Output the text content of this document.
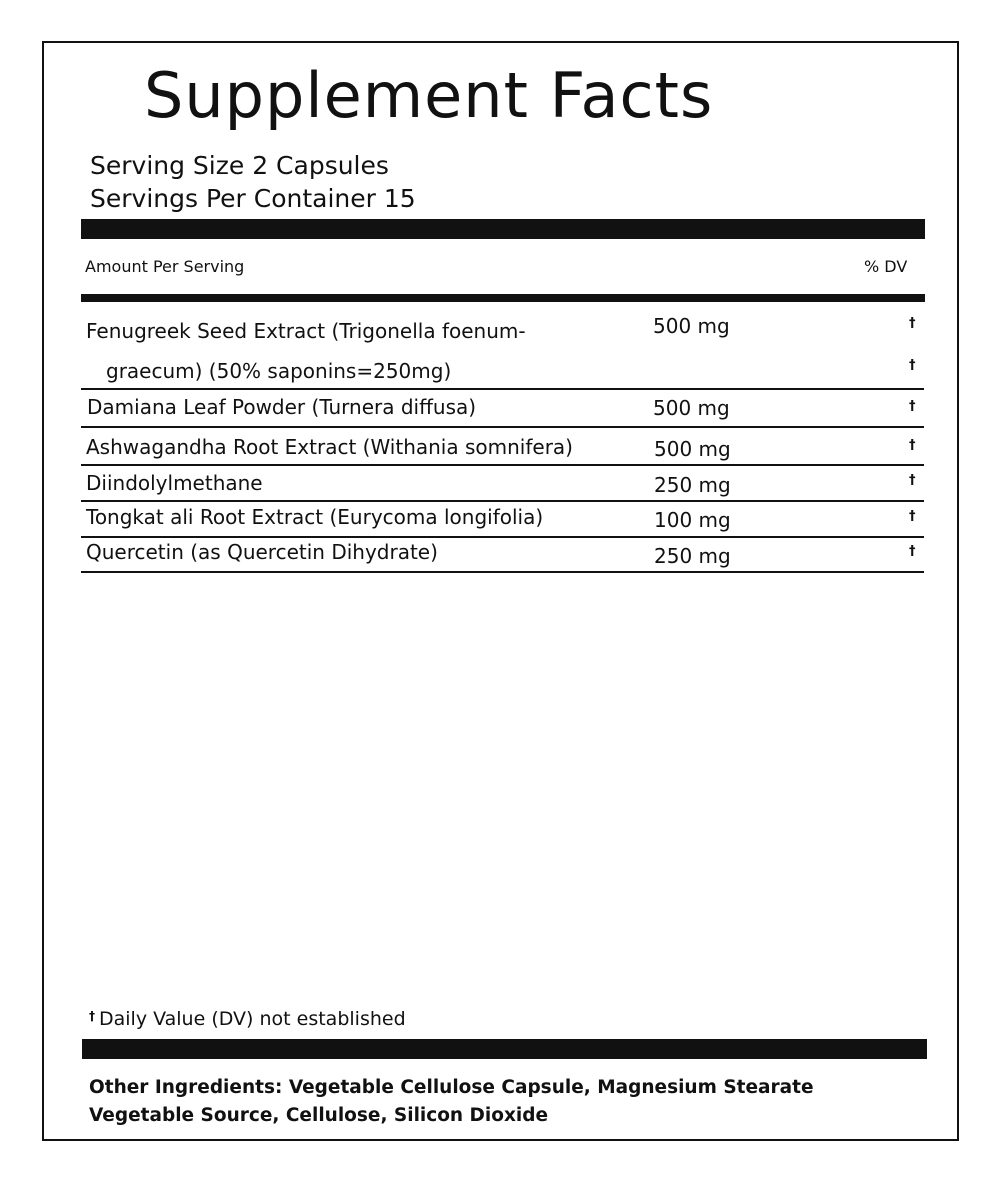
Supplement Facts
Serving Size 2 Capsules
Servings Per Container 15
Amount Per Serving	% DV
Fenugreek Seed Extract (Trigonella foenum-
graecum) (50% saponins=250mg)
500 mg	†
†
Damiana Leaf Powder (Turnera diffusa)	500 mg	†
Ashwagandha Root Extract (Withania somnifera)	500 mg	†
Diindolylmethane	250 mg	†
Tongkat ali Root Extract (Eurycoma longifolia)	100 mg	†
Quercetin (as Quercetin Dihydrate)	250 mg	†
† Daily Value (DV) not established
Other Ingredients: Vegetable Cellulose Capsule, Magnesium Stearate Vegetable Source, Cellulose, Silicon Dioxide
